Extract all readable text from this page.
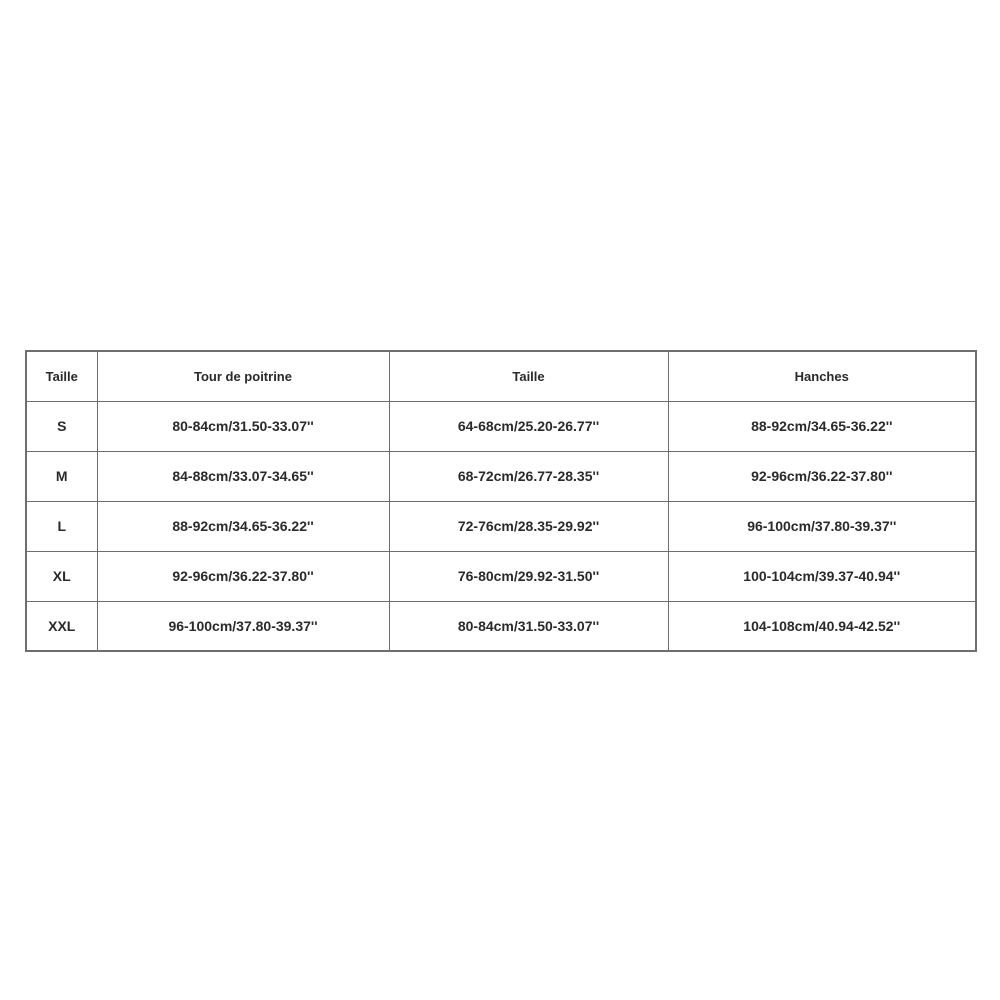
Taille	Tour de poitrine	Taille	Hanches
S	80-84cm/31.50-33.07''	64-68cm/25.20-26.77''	88-92cm/34.65-36.22''
M	84-88cm/33.07-34.65''	68-72cm/26.77-28.35''	92-96cm/36.22-37.80''
L	88-92cm/34.65-36.22''	72-76cm/28.35-29.92''	96-100cm/37.80-39.37''
XL	92-96cm/36.22-37.80''	76-80cm/29.92-31.50''	100-104cm/39.37-40.94''
XXL	96-100cm/37.80-39.37''	80-84cm/31.50-33.07''	104-108cm/40.94-42.52''
